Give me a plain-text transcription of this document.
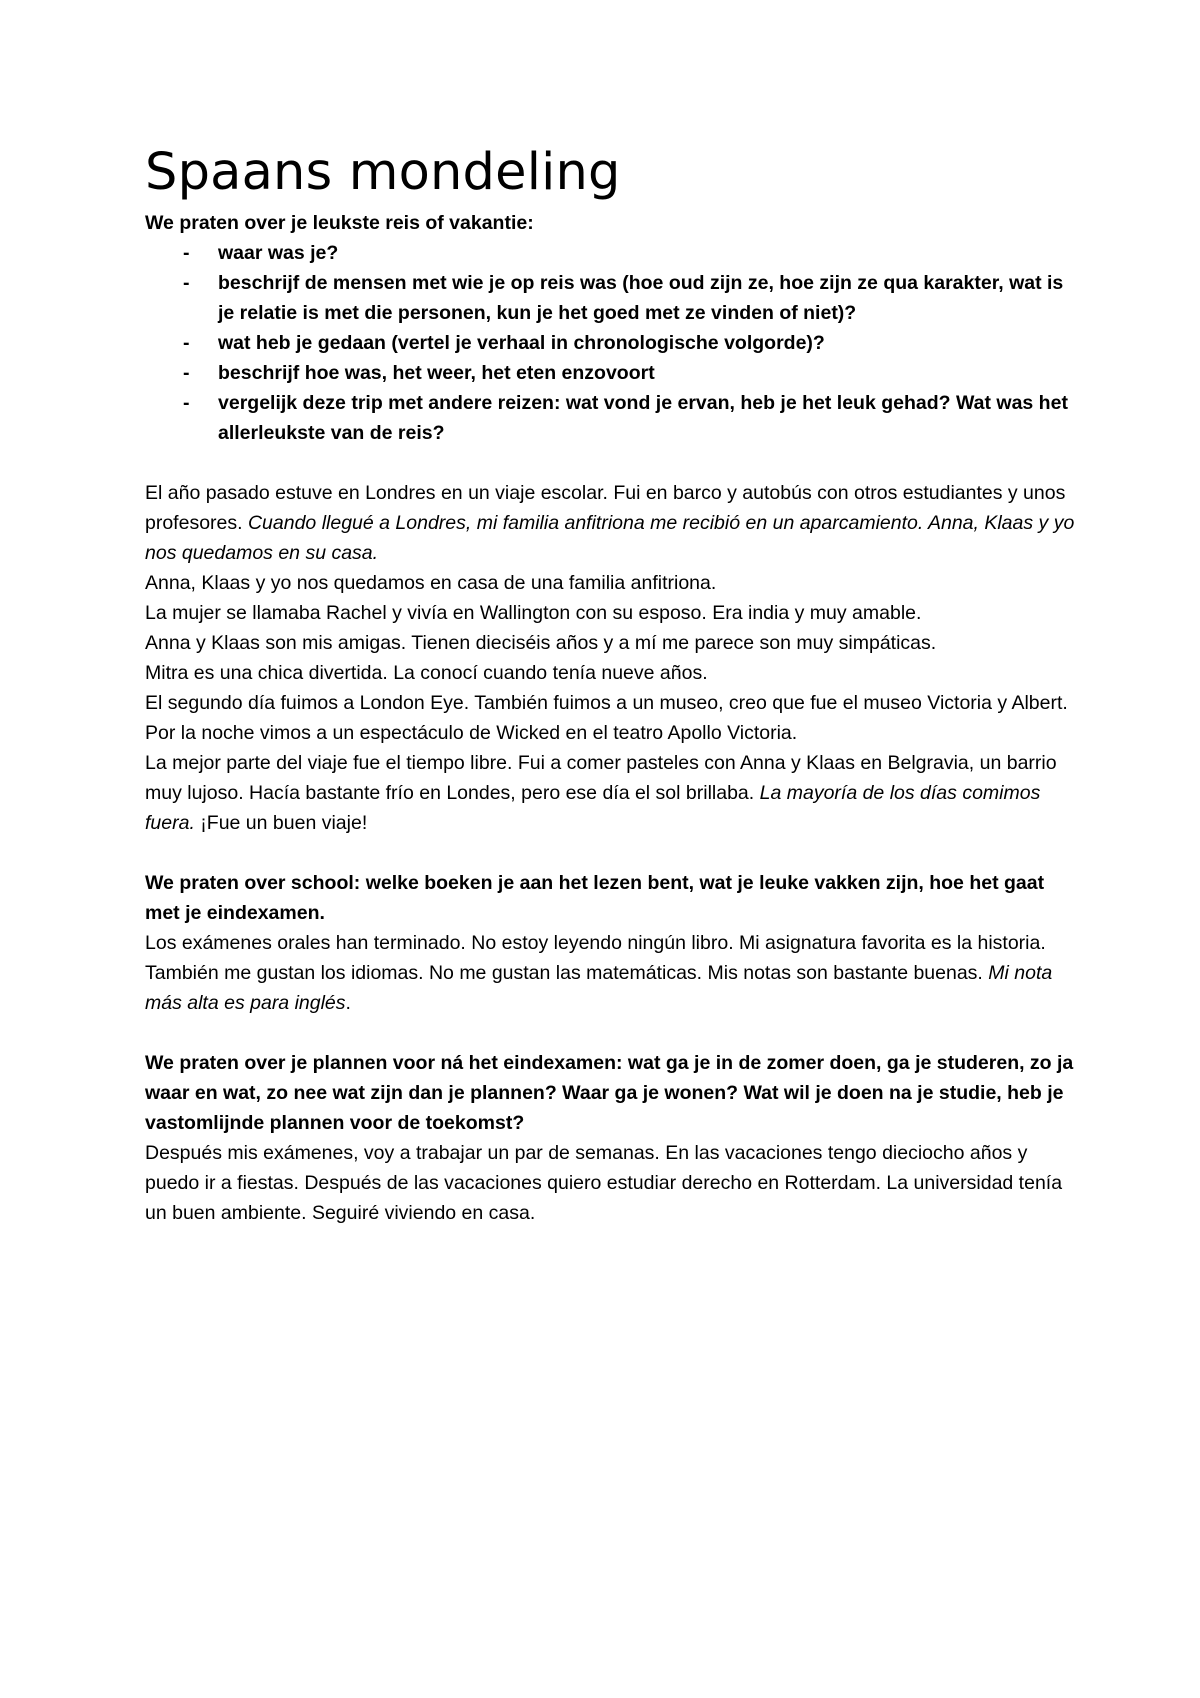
Spaans mondeling

We praten over je leukste reis of vakantie:

- waar was je?
- beschrijf de mensen met wie je op reis was (hoe oud zijn ze, hoe zijn ze qua karakter, wat is je relatie is met die personen, kun je het goed met ze vinden of niet)?
- wat heb je gedaan (vertel je verhaal in chronologische volgorde)?
- beschrijf hoe was, het weer, het eten enzovoort
- vergelijk deze trip met andere reizen: wat vond je ervan, heb je het leuk gehad? Wat was het allerleukste van de reis?

El año pasado estuve en Londres en un viaje escolar. Fui en barco y autobús con otros estudiantes y unos profesores. Cuando llegué a Londres, mi familia anfitriona me recibió en un aparcamiento. Anna, Klaas y yo nos quedamos en su casa.

Anna, Klaas y yo nos quedamos en casa de una familia anfitriona.

La mujer se llamaba Rachel y vivía en Wallington con su esposo. Era india y muy amable.

Anna y Klaas son mis amigas. Tienen dieciséis años y a mí me parece son muy simpáticas.

Mitra es una chica divertida. La conocí cuando tenía nueve años.

El segundo día fuimos a London Eye. También fuimos a un museo, creo que fue el museo Victoria y Albert. Por la noche vimos a un espectáculo de Wicked en el teatro Apollo Victoria.

La mejor parte del viaje fue el tiempo libre. Fui a comer pasteles con Anna y Klaas en Belgravia, un barrio muy lujoso. Hacía bastante frío en Londes, pero ese día el sol brillaba. La mayoría de los días comimos fuera. ¡Fue un buen viaje!

We praten over school: welke boeken je aan het lezen bent, wat je leuke vakken zijn, hoe het gaat met je eindexamen.

Los exámenes orales han terminado. No estoy leyendo ningún libro. Mi asignatura favorita es la historia. También me gustan los idiomas. No me gustan las matemáticas. Mis notas son bastante buenas. Mi nota más alta es para inglés.

We praten over je plannen voor ná het eindexamen: wat ga je in de zomer doen, ga je studeren, zo ja waar en wat, zo nee wat zijn dan je plannen? Waar ga je wonen? Wat wil je doen na je studie, heb je vastomlijnde plannen voor de toekomst?

Después mis exámenes, voy a trabajar un par de semanas. En las vacaciones tengo dieciocho años y puedo ir a fiestas. Después de las vacaciones quiero estudiar derecho en Rotterdam. La universidad tenía un buen ambiente. Seguiré viviendo en casa.
